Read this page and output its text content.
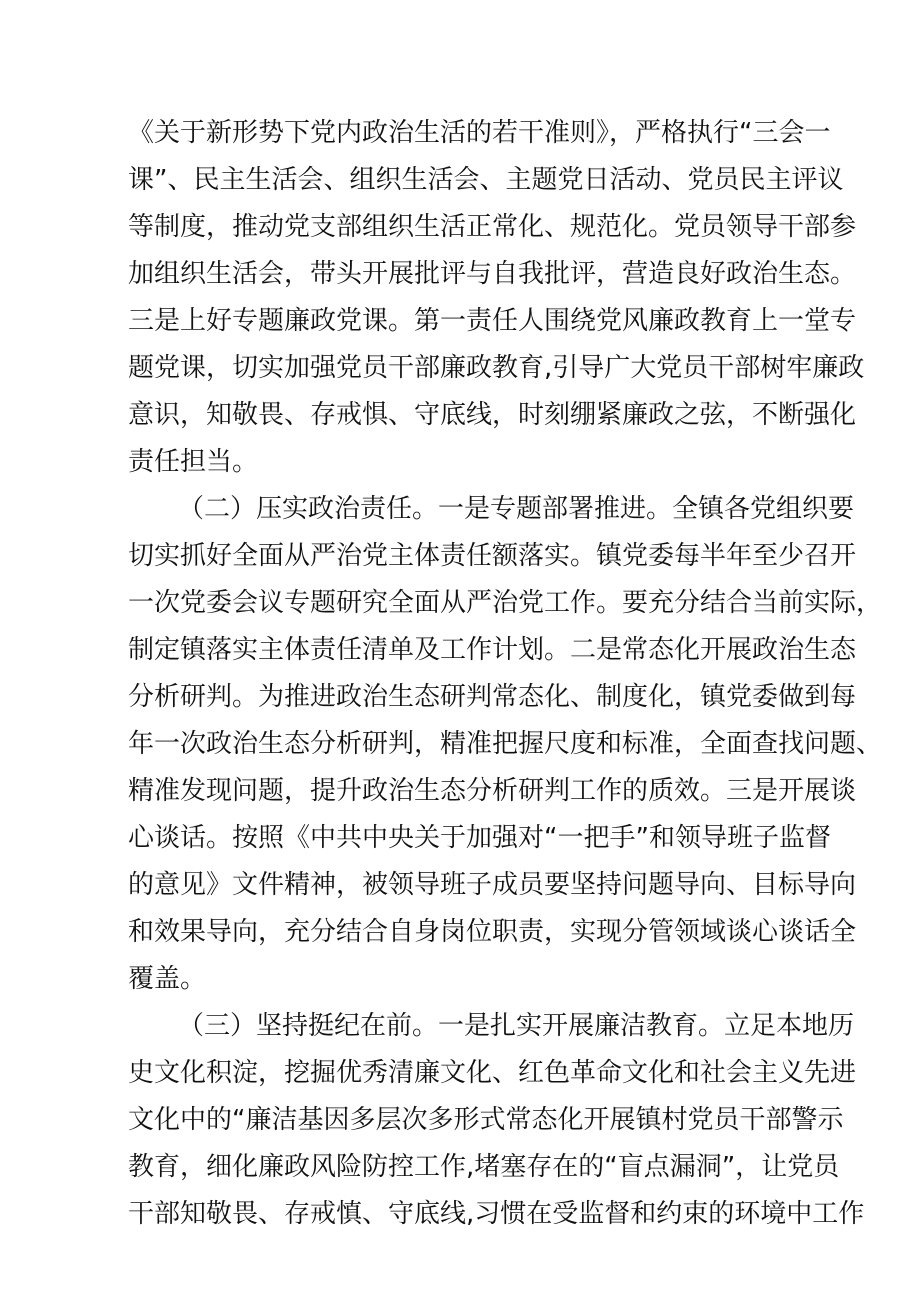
《关于新形势下党内政治生活的若干准则》，严格执行“三会一
课”、民主生活会、组织生活会、主题党日活动、党员民主评议
等制度，推动党支部组织生活正常化、规范化。党员领导干部参
加组织生活会，带头开展批评与自我批评，营造良好政治生态。
三是上好专题廉政党课。第一责任人围绕党风廉政教育上一堂专
题党课，切实加强党员干部廉政教育,引导广大党员干部树牢廉政
意识，知敬畏、存戒惧、守底线，时刻绷紧廉政之弦，不断强化
责任担当。
（二）压实政治责任。一是专题部署推进。全镇各党组织要
切实抓好全面从严治党主体责任额落实。镇党委每半年至少召开
一次党委会议专题研究全面从严治党工作。要充分结合当前实际，
制定镇落实主体责任清单及工作计划。二是常态化开展政治生态
分析研判。为推进政治生态研判常态化、制度化，镇党委做到每
年一次政治生态分析研判，精准把握尺度和标准，全面查找问题、
精准发现问题，提升政治生态分析研判工作的质效。三是开展谈
心谈话。按照《中共中央关于加强对“一把手”和领导班子监督
的意见》文件精神，被领导班子成员要坚持问题导向、目标导向
和效果导向，充分结合自身岗位职责，实现分管领域谈心谈话全
覆盖。
（三）坚持挺纪在前。一是扎实开展廉洁教育。立足本地历
史文化积淀，挖掘优秀清廉文化、红色革命文化和社会主义先进
文化中的“廉洁基因多层次多形式常态化开展镇村党员干部警示
教育，细化廉政风险防控工作,堵塞存在的“盲点漏洞”，让党员
干部知敬畏、存戒慎、守底线,习惯在受监督和约束的环境中工作
